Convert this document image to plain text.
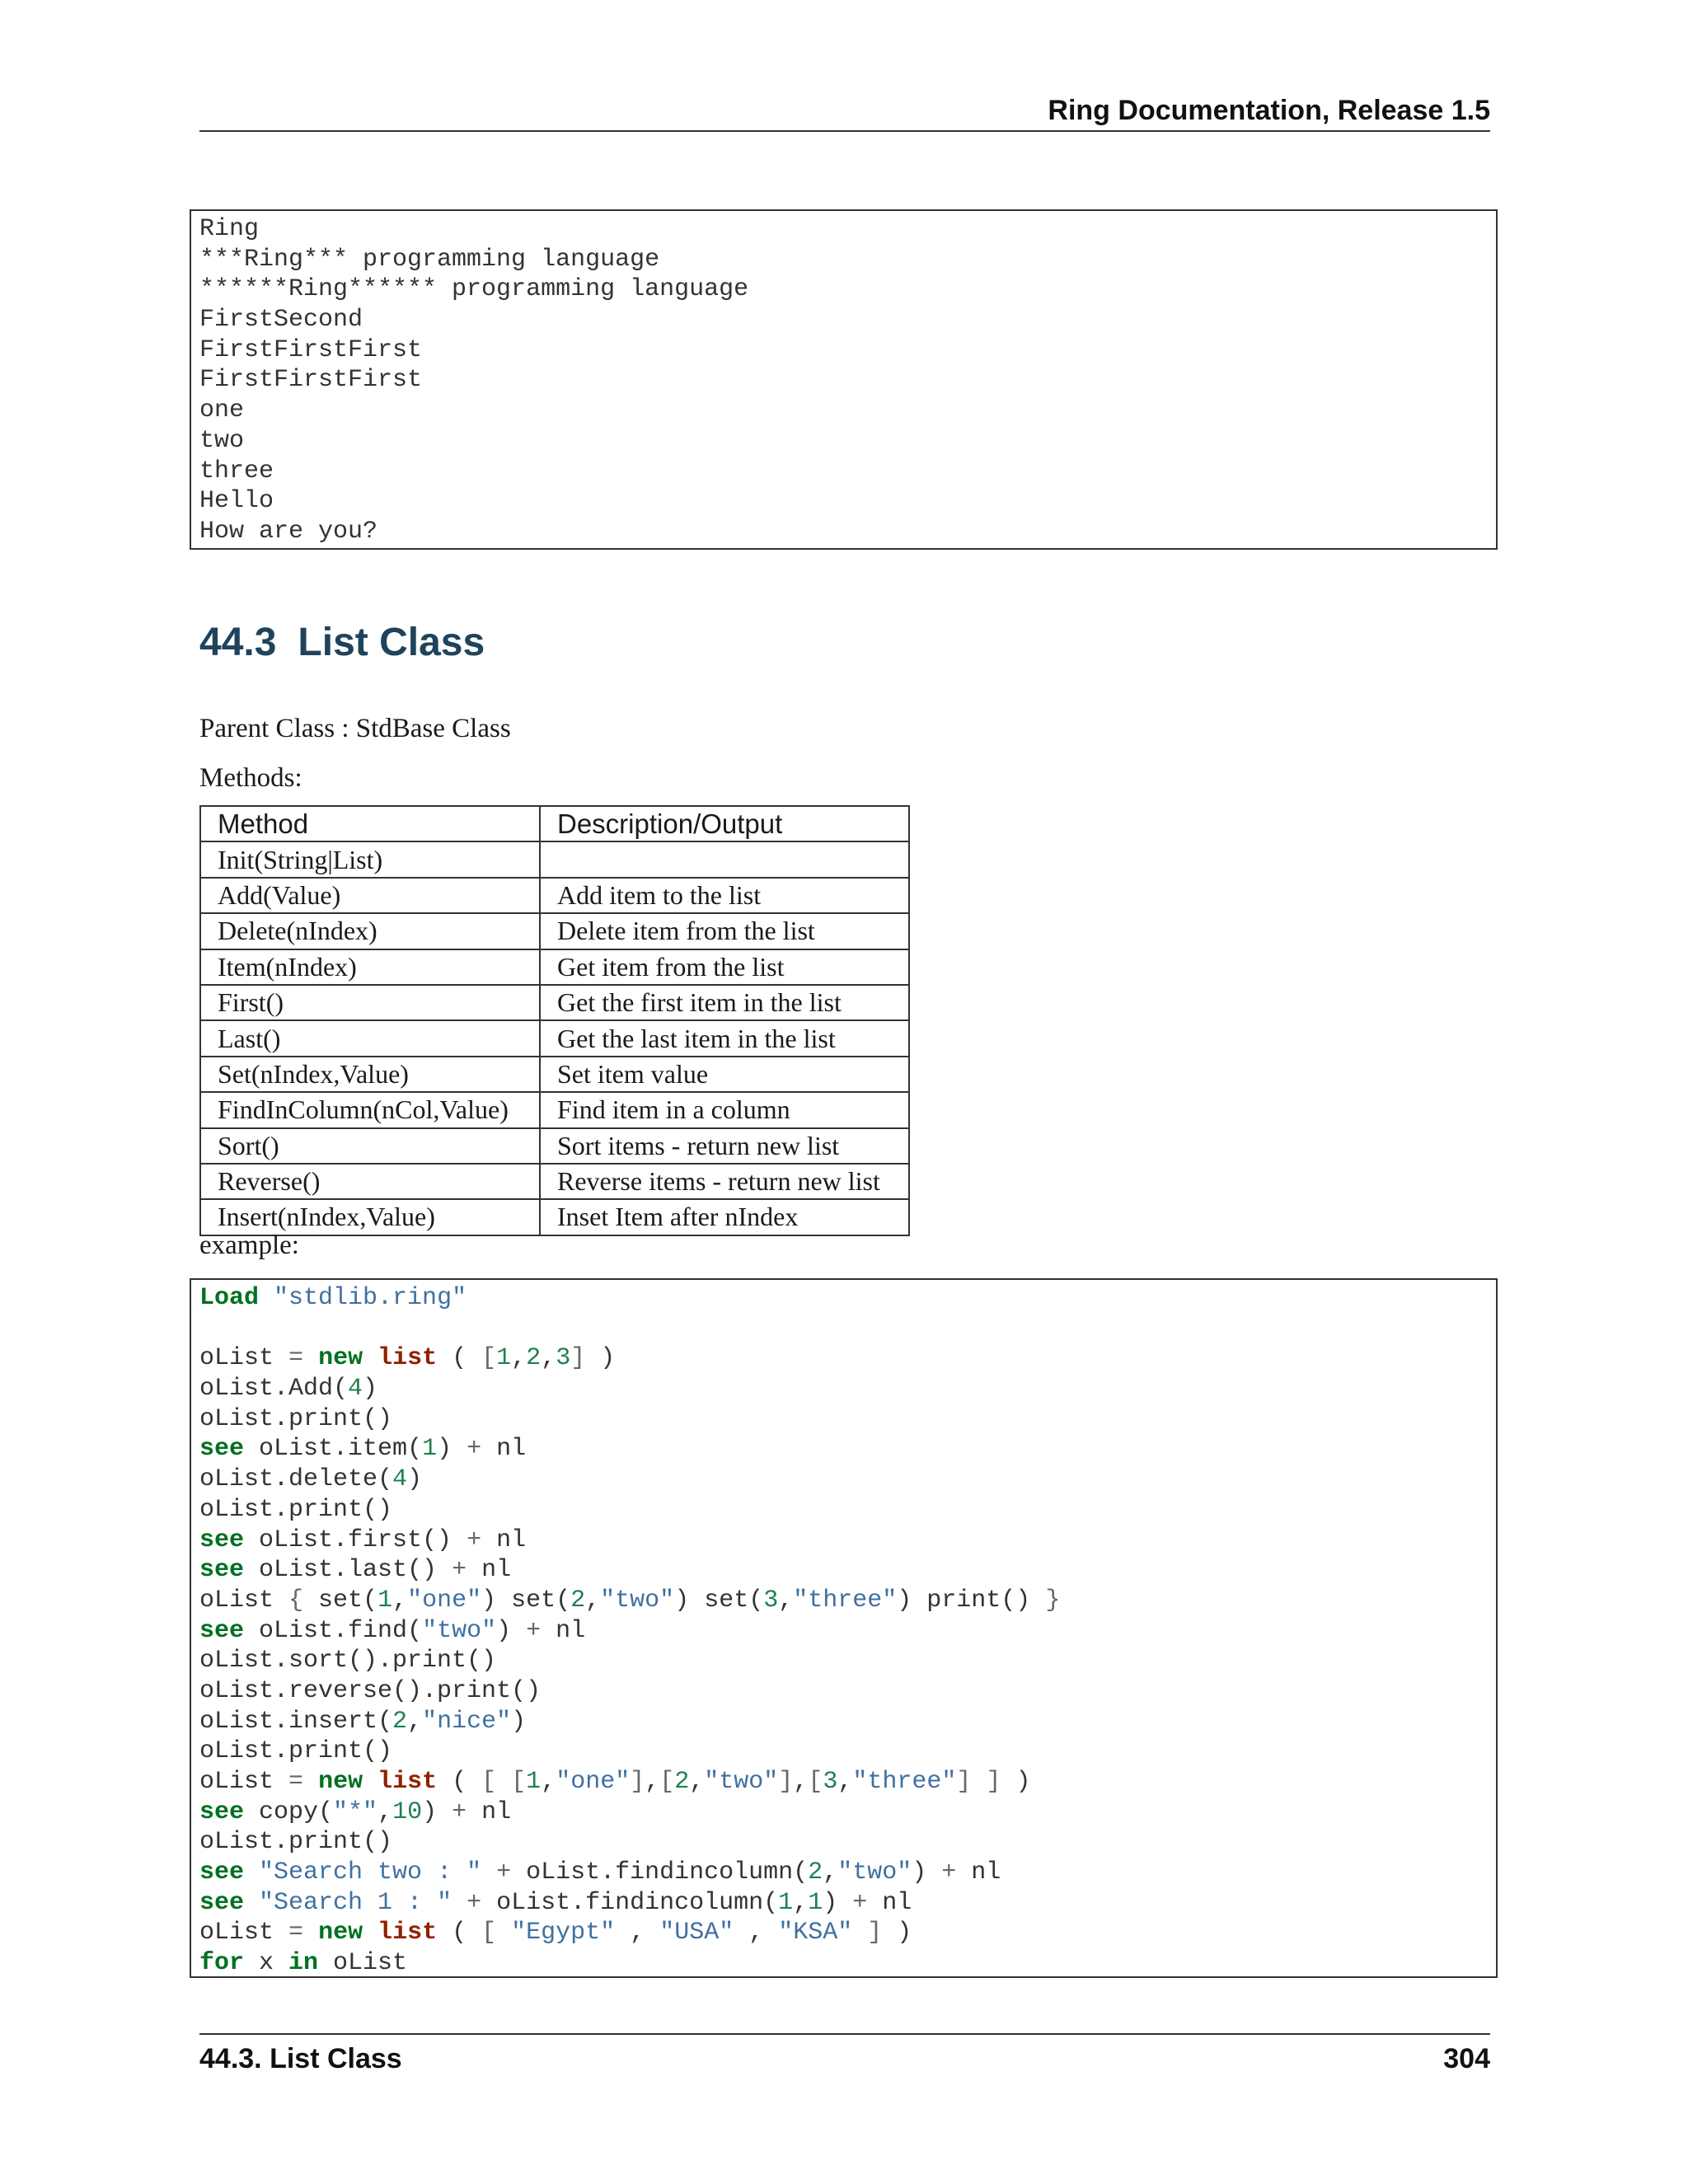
Ring Documentation, Release 1.5
Ring
***Ring*** programming language
******Ring****** programming language
FirstSecond
FirstFirstFirst
FirstFirstFirst
one
two
three
Hello
How are you?
44.3 List Class
Parent Class : StdBase Class
Methods:
Method	Description/Output
Init(String|List)	
Add(Value)	Add item to the list
Delete(nIndex)	Delete item from the list
Item(nIndex)	Get item from the list
First()	Get the first item in the list
Last()	Get the last item in the list
Set(nIndex,Value)	Set item value
FindInColumn(nCol,Value)	Find item in a column
Sort()	Sort items - return new list
Reverse()	Reverse items - return new list
Insert(nIndex,Value)	Inset Item after nIndex
example:
Load "stdlib.ring"
oList = new list ( [1,2,3] )
oList.Add(4)
oList.print()
see oList.item(1) + nl
oList.delete(4)
oList.print()
see oList.first() + nl
see oList.last() + nl
oList { set(1,"one") set(2,"two") set(3,"three") print() }
see oList.find("two") + nl
oList.sort().print()
oList.reverse().print()
oList.insert(2,"nice")
oList.print()
oList = new list ( [ [1,"one"],[2,"two"],[3,"three"] ] )
see copy("*",10) + nl
oList.print()
see "Search two : " + oList.findincolumn(2,"two") + nl
see "Search 1 : " + oList.findincolumn(1,1) + nl
oList = new list ( [ "Egypt" , "USA" , "KSA" ] )
for x in oList
44.3. List Class	304
